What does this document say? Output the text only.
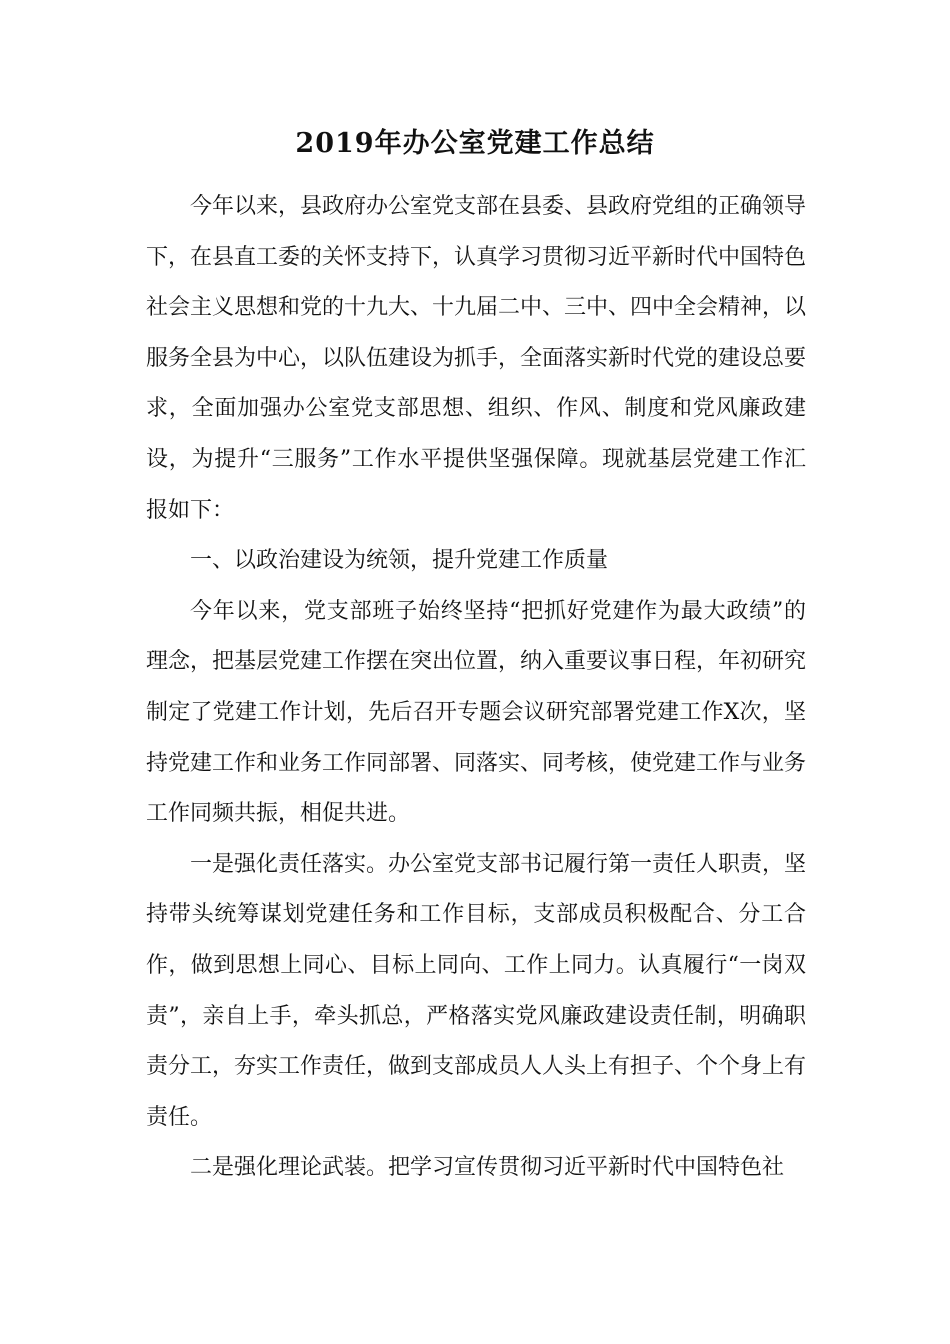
2019年办公室党建工作总结

今年以来，县政府办公室党支部在县委、县政府党组的正确领导下，在县直工委的关怀支持下，认真学习贯彻习近平新时代中国特色社会主义思想和党的十九大、十九届二中、三中、四中全会精神，以服务全县为中心，以队伍建设为抓手，全面落实新时代党的建设总要求，全面加强办公室党支部思想、组织、作风、制度和党风廉政建设，为提升“三服务”工作水平提供坚强保障。现就基层党建工作汇报如下：

一、以政治建设为统领，提升党建工作质量

今年以来，党支部班子始终坚持“把抓好党建作为最大政绩”的理念，把基层党建工作摆在突出位置，纳入重要议事日程，年初研究制定了党建工作计划，先后召开专题会议研究部署党建工作X次，坚持党建工作和业务工作同部署、同落实、同考核，使党建工作与业务工作同频共振，相促共进。

一是强化责任落实。办公室党支部书记履行第一责任人职责，坚持带头统筹谋划党建任务和工作目标，支部成员积极配合、分工合作，做到思想上同心、目标上同向、工作上同力。认真履行“一岗双责”，亲自上手，牵头抓总，严格落实党风廉政建设责任制，明确职责分工，夯实工作责任，做到支部成员人人头上有担子、个个身上有责任。

二是强化理论武装。把学习宣传贯彻习近平新时代中国特色社
